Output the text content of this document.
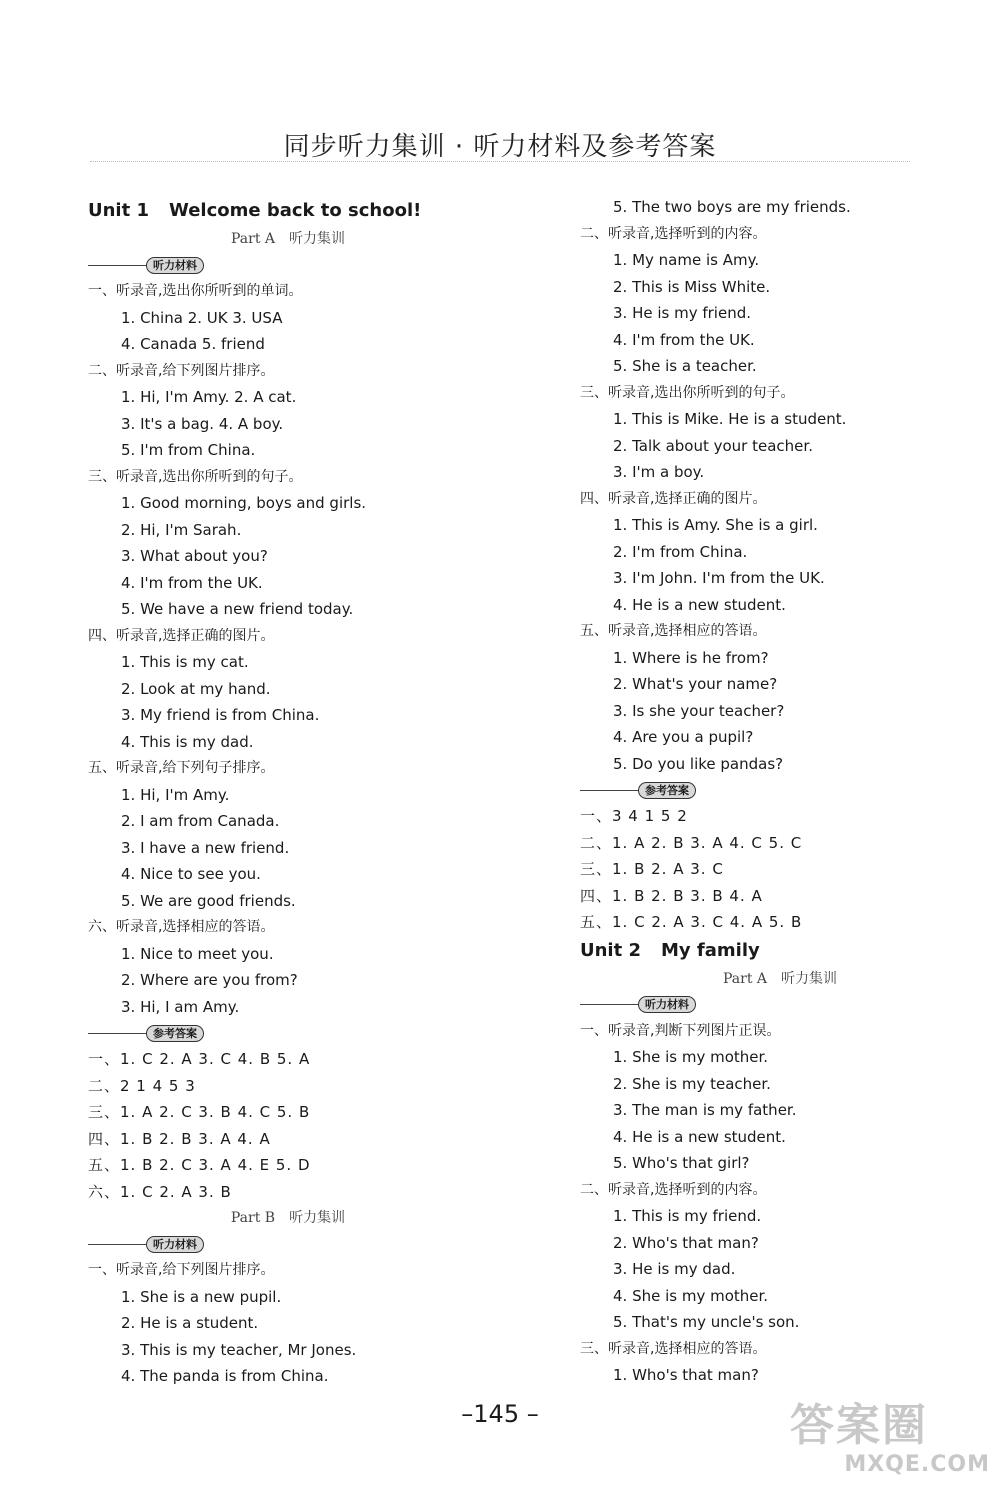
同步听力集训 · 听力材料及参考答案
Unit 1 Welcome back to school!
Part A 听力集训
听力材料
一、听录音,选出你所听到的单词。
1. China 2. UK 3. USA
4. Canada 5. friend
二、听录音,给下列图片排序。
1. Hi, I'm Amy. 2. A cat.
3. It's a bag. 4. A boy.
5. I'm from China.
三、听录音,选出你所听到的句子。
1. Good morning, boys and girls.
2. Hi, I'm Sarah.
3. What about you?
4. I'm from the UK.
5. We have a new friend today.
四、听录音,选择正确的图片。
1. This is my cat.
2. Look at my hand.
3. My friend is from China.
4. This is my dad.
五、听录音,给下列句子排序。
1. Hi, I'm Amy.
2. I am from Canada.
3. I have a new friend.
4. Nice to see you.
5. We are good friends.
六、听录音,选择相应的答语。
1. Nice to meet you.
2. Where are you from?
3. Hi, I am Amy.
参考答案
一、1. C 2. A 3. C 4. B 5. A
二、2 1 4 5 3
三、1. A 2. C 3. B 4. C 5. B
四、1. B 2. B 3. A 4. A
五、1. B 2. C 3. A 4. E 5. D
六、1. C 2. A 3. B
Part B 听力集训
听力材料
一、听录音,给下列图片排序。
1. She is a new pupil.
2. He is a student.
3. This is my teacher, Mr Jones.
4. The panda is from China.
5. The two boys are my friends.
二、听录音,选择听到的内容。
1. My name is Amy.
2. This is Miss White.
3. He is my friend.
4. I'm from the UK.
5. She is a teacher.
三、听录音,选出你所听到的句子。
1. This is Mike. He is a student.
2. Talk about your teacher.
3. I'm a boy.
四、听录音,选择正确的图片。
1. This is Amy. She is a girl.
2. I'm from China.
3. I'm John. I'm from the UK.
4. He is a new student.
五、听录音,选择相应的答语。
1. Where is he from?
2. What's your name?
3. Is she your teacher?
4. Are you a pupil?
5. Do you like pandas?
参考答案
一、3 4 1 5 2
二、1. A 2. B 3. A 4. C 5. C
三、1. B 2. A 3. C
四、1. B 2. B 3. B 4. A
五、1. C 2. A 3. C 4. A 5. B
Unit 2 My family
Part A 听力集训
听力材料
一、听录音,判断下列图片正误。
1. She is my mother.
2. She is my teacher.
3. The man is my father.
4. He is a new student.
5. Who's that girl?
二、听录音,选择听到的内容。
1. This is my friend.
2. Who's that man?
3. He is my dad.
4. She is my mother.
5. That's my uncle's son.
三、听录音,选择相应的答语。
1. Who's that man?
–145 –	答案圈
MXQE.COM
